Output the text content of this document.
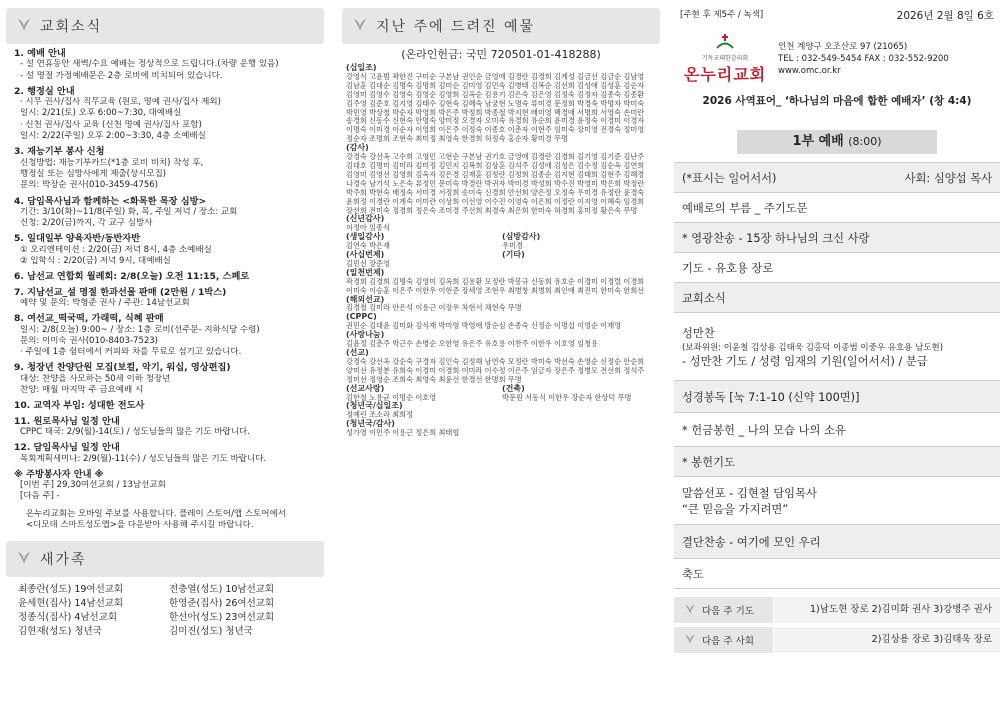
교회소식
1. 예배 안내
- 설 연휴동안 새벽/수요 예배는 정상적으로 드립니다.(차량 운행 있음)
- 설 명절 가정예배문은 2층 로비에 비치되어 있습니다.
2. 행정실 안내
· 시무 권사/집사 직무교육 (원로, 명예 권사/집사 제외)
일시: 2/21(토) 오후 6:00~7:30, 대예배실
· 신천 권사/집사 교육 (신천 명예 권사/집사 포함)
일시: 2/22(주일) 오후 2:00~3:30, 4층 소예배실
3. 재능기부 봉사 신청
신청방법: 재능기부카드(*1층 로비 비치) 작성 후,
행정실 또는 심방사에게 제출(상시모집)
문의: 박장순 권사(010-3459-4756)
4. 담임목사님과 함께하는 <화목한 목장 심방>
기간: 3/10(화)~11/8(주일) 화, 목, 주일 저녁 / 장소: 교회
신청: 2/20(금)까지, 각 교구 심방사
5. 일대일부 양육자반/동반자반
① 오리엔테이션 : 2/20(금) 저녁 8시, 4층 소예배실
② 입학식 : 2/20(금) 저녁 9시, 대예배실
6. 남선교 연합회 월례회: 2/8(오늘) 오전 11:15, 스페로
7. 지남선교_설 명절 한과선물 판매 (2만원 / 1박스)
예약 및 문의: 박형준 권사 / 주관: 14남선교회
8. 여선교_떡국떡, 가래떡, 식혜 판매
일시: 2/8(오늘) 9:00~ / 장소: 1층 로비(선주문- 지하식당 수령)
문의: 이미숙 권사(010-8403-7523)
· 주일에 1층 쉼터에서 커피와 차를 무료로 섬기고 있습니다.
9. 청장년 찬양단원 모집(보컬, 악기, 워십, 영상편집)
대상: 찬양을 사모하는 50세 이하 청장년
찬양: 매월 마지막 주 금요예배 시
10. 교역자 부임: 성대한 전도사
11. 원로목사님 일정 안내
CPPC 태국: 2/9(월)-14(토) / 성도님들의 많은 기도 바랍니다.
12. 담임목사님 일정 안내
목회계획세미나: 2/9(월)-11(수) / 성도님들의 많은 기도 바랍니다.
※ 주방봉사자 안내 ※
[이번 주] 29,30여선교회 / 13남선교회
[다음 주] -
온누리교회는 모바일 주보를 사용합니다. 플레이 스토어/앱 스토어에서
<디모데 스마트성도앱>을 다운받아 사용해 주시길 바랍니다.
새가족
최종란(성도) 19여선교회	전충열(성도) 10남선교회
윤세현(집사) 14남선교회	한영준(집사) 26여선교회
정종식(집사) 4남선교회	한선아(성도) 23여선교회
김현재(성도) 청년국	김미진(성도) 청년국
지난 주에 드려진 예물
(온라인헌금: 국민 720501-01-418288)
(십일조)
강영식 고윤범 곽한진 구미순 구본남 권인순 금영애 김경란 김경희 김계성 김금선 김금순 김남영 김남훈 김대순 김명숙 김명희 김미순 김미영 김민숙 김병태 김복순 김선희 김성애 김성훈 김순자 김영미 김영수 김영숙 김영순 김영희 김옥순 김용기 김은숙 김은영 김정숙 김정자 김종숙 김종환 김주영 김준호 김지영 김태수 김현숙 김혜숙 남궁현 노명숙 류미경 문정희 박경숙 박명자 박미숙 박민영 박상철 박순자 박영희 박은주 박정희 박종철 박지현 배미영 백경애 서명희 서영숙 손미란 송경희 신동수 신현숙 안명숙 양미정 오경자 오미숙 유경희 유순희 윤미경 윤정숙 이경미 이경자 이명숙 이미경 이순자 이영희 이은주 이정숙 이종호 이춘자 이현주 임미숙 장미영 전경숙 정미영 정순자 조명희 조현숙 최미정 최영숙 한경희 허정숙 홍순자 황미경 무명
(감사)
강경숙 강선옥 고수희 고영민 고현순 구본남 권기호 금영애 김경란 김경희 김기영 김기준 김난주 김대호 김명미 김미라 김미정 김민지 김복희 김상훈 김석주 김성애 김성은 김수정 김순옥 김연희 김영미 김영선 김영희 김옥자 김은경 김재훈 김정란 김정희 김종순 김지현 김태희 김현주 김혜경 나경숙 남기석 노은숙 류정민 문미숙 박경란 박귀자 박미경 박성희 박수진 박영미 박은희 박정란 박주희 박현숙 배정숙 서미경 서정희 송미숙 신경희 안선희 양은정 오정숙 우미경 유정란 윤경숙 윤희정 이경란 이계숙 이미란 이상희 이선영 이수진 이영숙 이은희 이정란 이지영 이혜숙 임경희 장선희 전미숙 정경희 정은숙 조미경 주선희 최경숙 최은희 한미숙 허경희 홍미정 황은숙 무명
(신년감사)
이정아 임종식
(생일감사)
김연숙 박은재
(심방감사)
우미경
(사십번제)
김민선 장준영
(기타)
(일천번제)
곽경희 김경희 김명숙 김영미 김옥희 김용환 모정란 박봉규 신동희 유호순 이경미 이경렬 이경희 이미숙 이승훈 이은주 이한우 이현준 장세영 조현우 최병창 최병희 최인애 최진미 한미숙 한희선
(해외선교)
김경철 김미라 안은석 이용근 이장우 차현서 채현숙 무명
(CPPC)
권민순 김대윤 김미화 김식재 박미영 박영애 방순심 손종숙 신정순 이명섭 이영순 이재영
(사랑나눔)
김윤정 김춘주 박근수 손병순 오한영 유은주 유호용 이찬주 이한우 이호영 임청용
(선교)
강경숙 강선옥 강순숙 구경자 김인숙 김정해 남연숙 모정란 박미숙 박선숙 손영순 신정순 안순희 양미선 유정분 유희숙 이경미 이경희 이미라 이수정 이은주 임금자 장은주 정병모 전선희 정석주 정미선 정영순 조희숙 최영숙 최윤선 한경선 한명희 무명
(선교사랑)
김한철 노용균 이명순 이호영
(건축)
박문원 서동식 이한우 장순자 한상덕 무명
(청년국/십일조)
정예린 조소라 최희정
(청년국/감사)
성가영 이민주 이용근 정은희 최태협
[주현 후 제5주 / 녹색]	2026년 2월 8일 6호
기독교대한감리회
온누리교회
인천 계양구 오조산로 97 (21065)
TEL : 032-549-5454 FAX : 032-552-9200
www.omc.or.kr
2026 사역표어_ ‘하나님의 마음에 합한 예배자’ (창 4:4)
1부 예배 (8:00)
(*표시는 일어서서)	사회: 심양섭 목사
예배로의 부름 _ 주기도문
* 영광찬송 - 15장 하나님의 크신 사랑
기도 - 유호용 장로
교회소식
성만찬
(보좌위원: 이윤철 김상용 김태욱 김홍덕 이종범 이중우 유호용 남도현)
- 성만찬 기도 / 성령 임재의 기원(일어서서) / 분급
성경봉독 [눅 7:1-10 (신약 100면)]
* 헌금봉헌 _ 나의 모습 나의 소유
* 봉헌기도
말씀선포 - 김현철 담임목사
“큰 믿음을 가지려면”
결단찬송 - 여기에 모인 우리
축도
다음 주 기도	1)남도현 장로 2)김미화 권사 3)강병주 권사
다음 주 사회	2)김상용 장로 3)김태욱 장로
